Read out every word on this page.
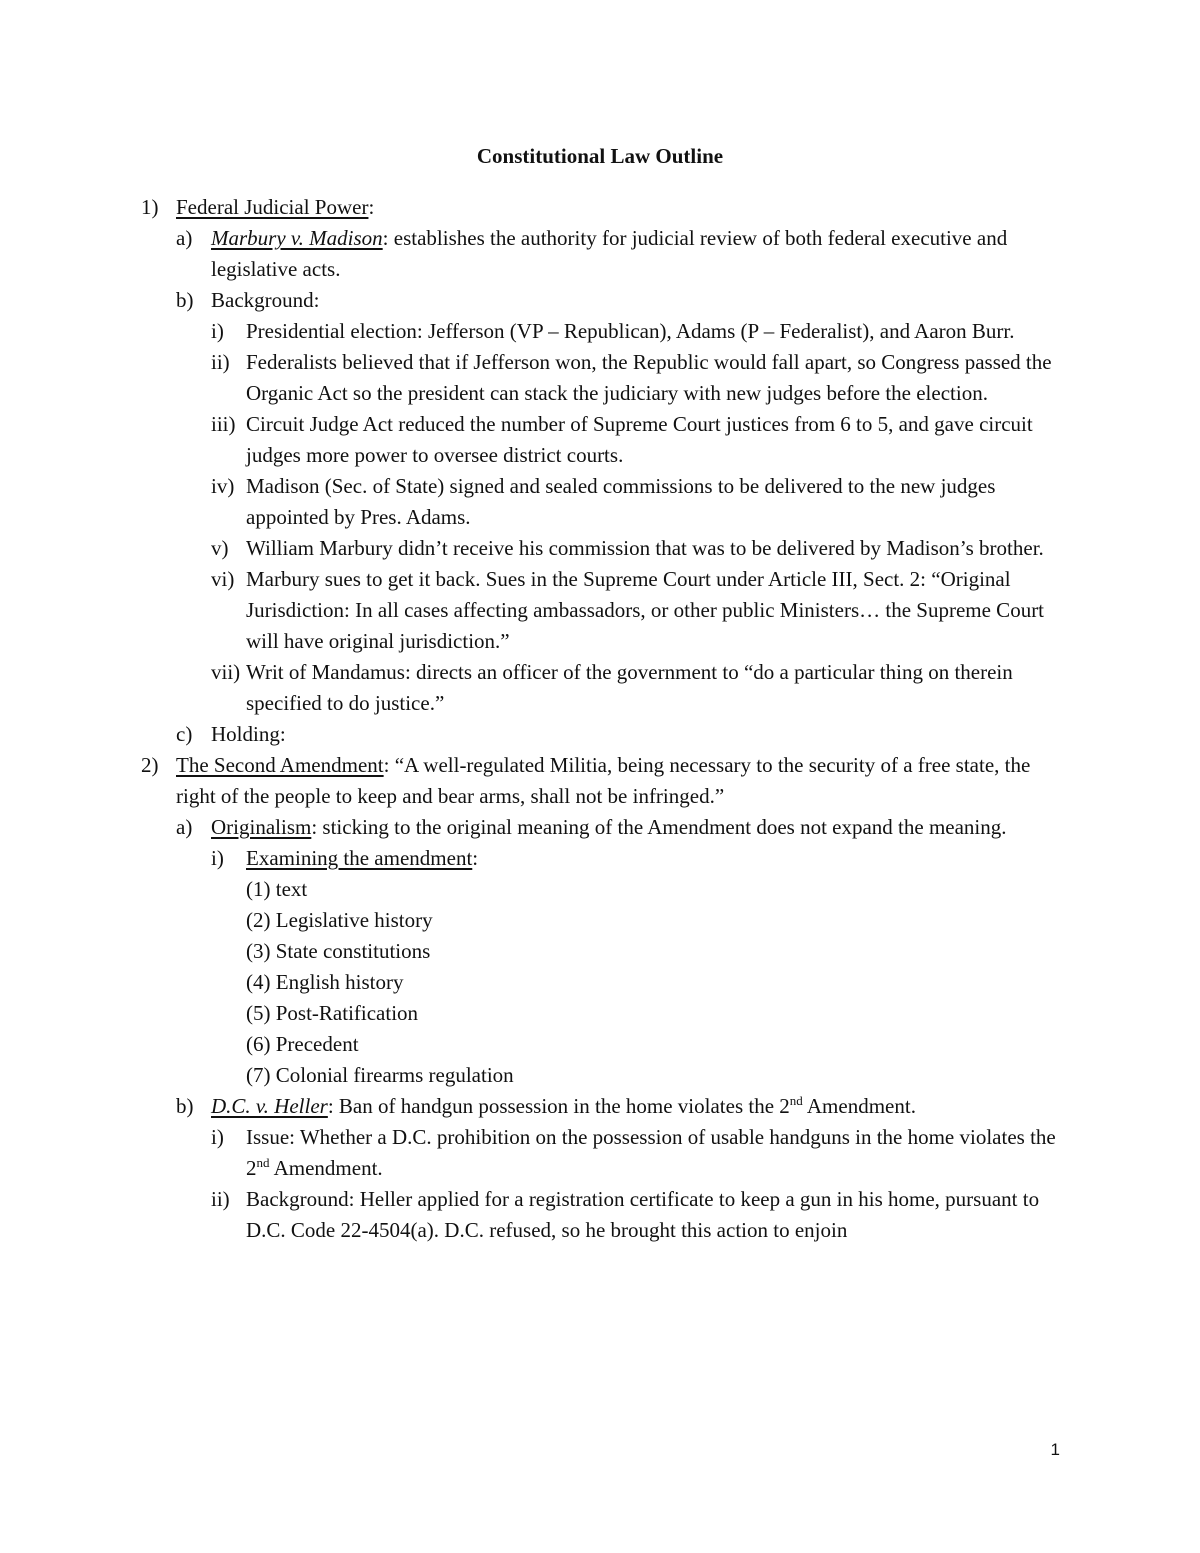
Constitutional Law Outline
1) Federal Judicial Power:
a) Marbury v. Madison: establishes the authority for judicial review of both federal executive and legislative acts.
b) Background:
i) Presidential election: Jefferson (VP – Republican), Adams (P – Federalist), and Aaron Burr.
ii) Federalists believed that if Jefferson won, the Republic would fall apart, so Congress passed the Organic Act so the president can stack the judiciary with new judges before the election.
iii) Circuit Judge Act reduced the number of Supreme Court justices from 6 to 5, and gave circuit judges more power to oversee district courts.
iv) Madison (Sec. of State) signed and sealed commissions to be delivered to the new judges appointed by Pres. Adams.
v) William Marbury didn’t receive his commission that was to be delivered by Madison’s brother.
vi) Marbury sues to get it back. Sues in the Supreme Court under Article III, Sect. 2: “Original Jurisdiction: In all cases affecting ambassadors, or other public Ministers… the Supreme Court will have original jurisdiction.”
vii) Writ of Mandamus: directs an officer of the government to “do a particular thing on therein specified to do justice.”
c) Holding:
2) The Second Amendment: “A well-regulated Militia, being necessary to the security of a free state, the right of the people to keep and bear arms, shall not be infringed.”
a) Originalism: sticking to the original meaning of the Amendment does not expand the meaning.
i) Examining the amendment:
(1) text
(2) Legislative history
(3) State constitutions
(4) English history
(5) Post-Ratification
(6) Precedent
(7) Colonial firearms regulation
b) D.C. v. Heller: Ban of handgun possession in the home violates the 2nd Amendment.
i) Issue: Whether a D.C. prohibition on the possession of usable handguns in the home violates the 2nd Amendment.
ii) Background: Heller applied for a registration certificate to keep a gun in his home, pursuant to D.C. Code 22-4504(a). D.C. refused, so he brought this action to enjoin
1
